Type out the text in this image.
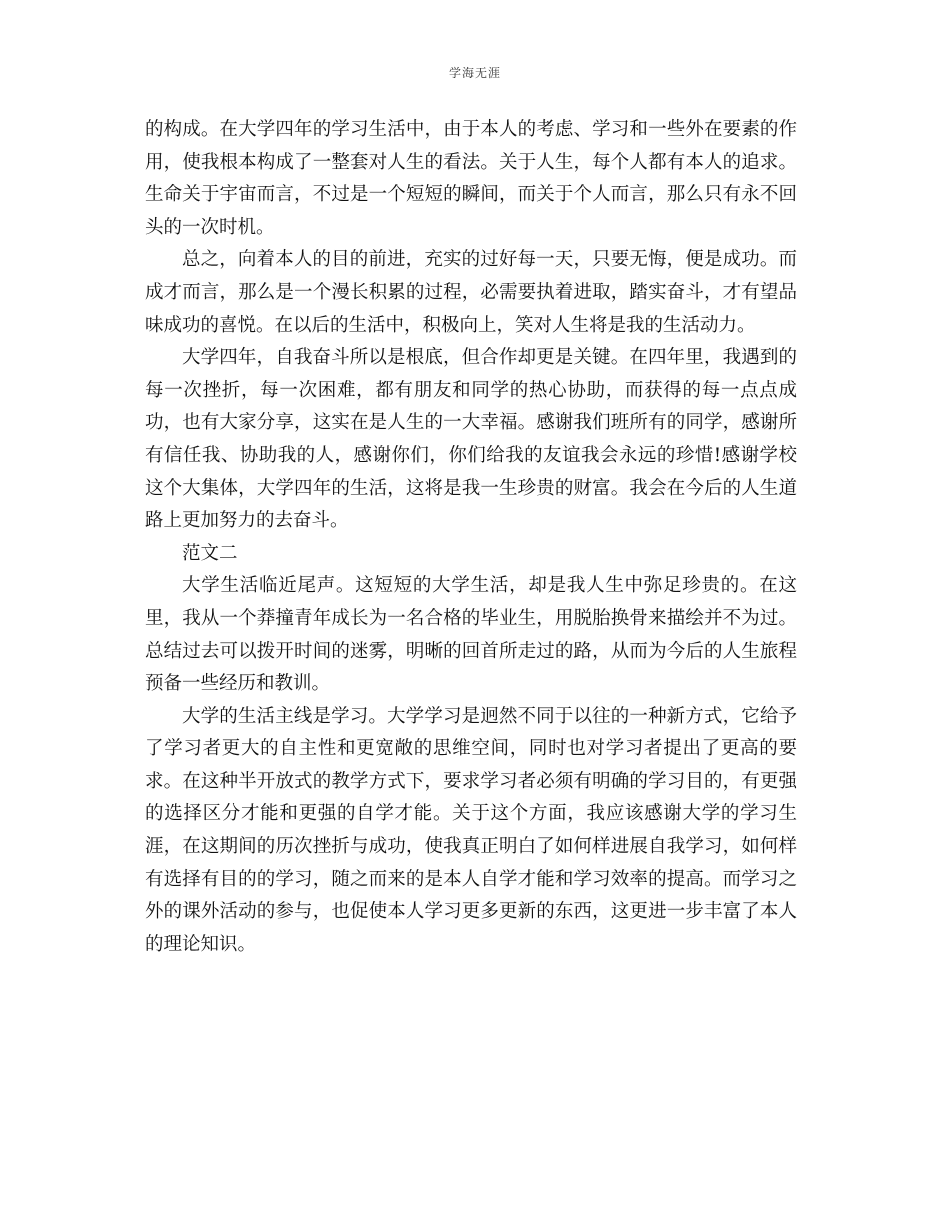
学海无涯

的构成。在大学四年的学习生活中，由于本人的考虑、学习和一些外在要素的作用，使我根本构成了一整套对人生的看法。关于人生，每个人都有本人的追求。生命关于宇宙而言，不过是一个短短的瞬间，而关于个人而言，那么只有永不回头的一次时机。

总之，向着本人的目的前进，充实的过好每一天，只要无悔，便是成功。而成才而言，那么是一个漫长积累的过程，必需要执着进取，踏实奋斗，才有望品味成功的喜悦。在以后的生活中，积极向上，笑对人生将是我的生活动力。

大学四年，自我奋斗所以是根底，但合作却更是关键。在四年里，我遇到的每一次挫折，每一次困难，都有朋友和同学的热心协助，而获得的每一点点成功，也有大家分享，这实在是人生的一大幸福。感谢我们班所有的同学，感谢所有信任我、协助我的人，感谢你们，你们给我的友谊我会永远的珍惜!感谢学校这个大集体，大学四年的生活，这将是我一生珍贵的财富。我会在今后的人生道路上更加努力的去奋斗。

范文二

大学生活临近尾声。这短短的大学生活，却是我人生中弥足珍贵的。在这里，我从一个莽撞青年成长为一名合格的毕业生，用脱胎换骨来描绘并不为过。总结过去可以拨开时间的迷雾，明晰的回首所走过的路，从而为今后的人生旅程预备一些经历和教训。

大学的生活主线是学习。大学学习是迥然不同于以往的一种新方式，它给予了学习者更大的自主性和更宽敞的思维空间，同时也对学习者提出了更高的要求。在这种半开放式的教学方式下，要求学习者必须有明确的学习目的，有更强的选择区分才能和更强的自学才能。关于这个方面，我应该感谢大学的学习生涯，在这期间的历次挫折与成功，使我真正明白了如何样进展自我学习，如何样有选择有目的的学习，随之而来的是本人自学才能和学习效率的提高。而学习之外的课外活动的参与，也促使本人学习更多更新的东西，这更进一步丰富了本人的理论知识。
